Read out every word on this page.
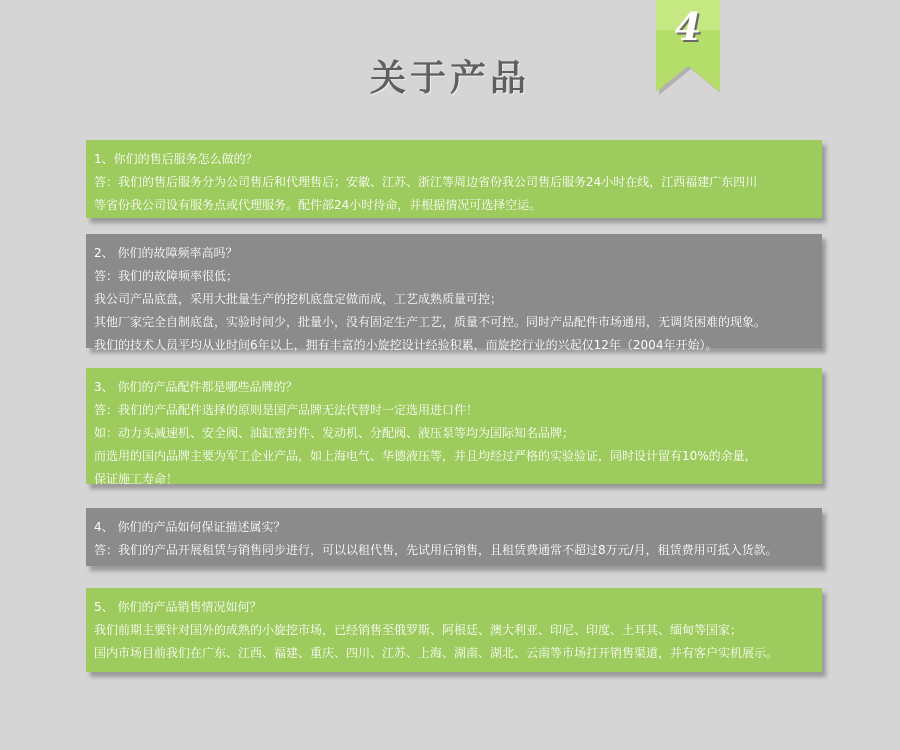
4
关于产品
1、你们的售后服务怎么做的？
答：我们的售后服务分为公司售后和代理售后；安徽、江苏、浙江等周边省份我公司售后服务24小时在线，江西福建广东四川
等省份我公司设有服务点或代理服务。配件部24小时待命，并根据情况可选择空运。
2、 你们的故障频率高吗？
答：我们的故障频率很低；
我公司产品底盘，采用大批量生产的挖机底盘定做而成，工艺成熟质量可控；
其他厂家完全自制底盘，实验时间少，批量小，没有固定生产工艺，质量不可控。同时产品配件市场通用，无调货困难的现象。
我们的技术人员平均从业时间6年以上，拥有丰富的小旋挖设计经验积累，而旋挖行业的兴起仅12年（2004年开始）。
3、 你们的产品配件都是哪些品牌的？
答：我们的产品配件选择的原则是国产品牌无法代替时一定选用进口件！
如：动力头减速机、安全阀、油缸密封件、发动机、分配阀、液压泵等均为国际知名品牌；
而选用的国内品牌主要为军工企业产品，如上海电气、华德液压等，并且均经过严格的实验验证，同时设计留有10%的余量，
保证施工寿命！
4、 你们的产品如何保证描述属实？
答：我们的产品开展租赁与销售同步进行，可以以租代售，先试用后销售，且租赁费通常不超过8万元/月，租赁费用可抵入货款。
5、 你们的产品销售情况如何？
我们前期主要针对国外的成熟的小旋挖市场，已经销售至俄罗斯、阿根廷、澳大利亚、印尼、印度、土耳其、缅甸等国家；
国内市场目前我们在广东、江西、福建、重庆、四川、江苏、上海、湖南、湖北、云南等市场打开销售渠道，并有客户实机展示。
